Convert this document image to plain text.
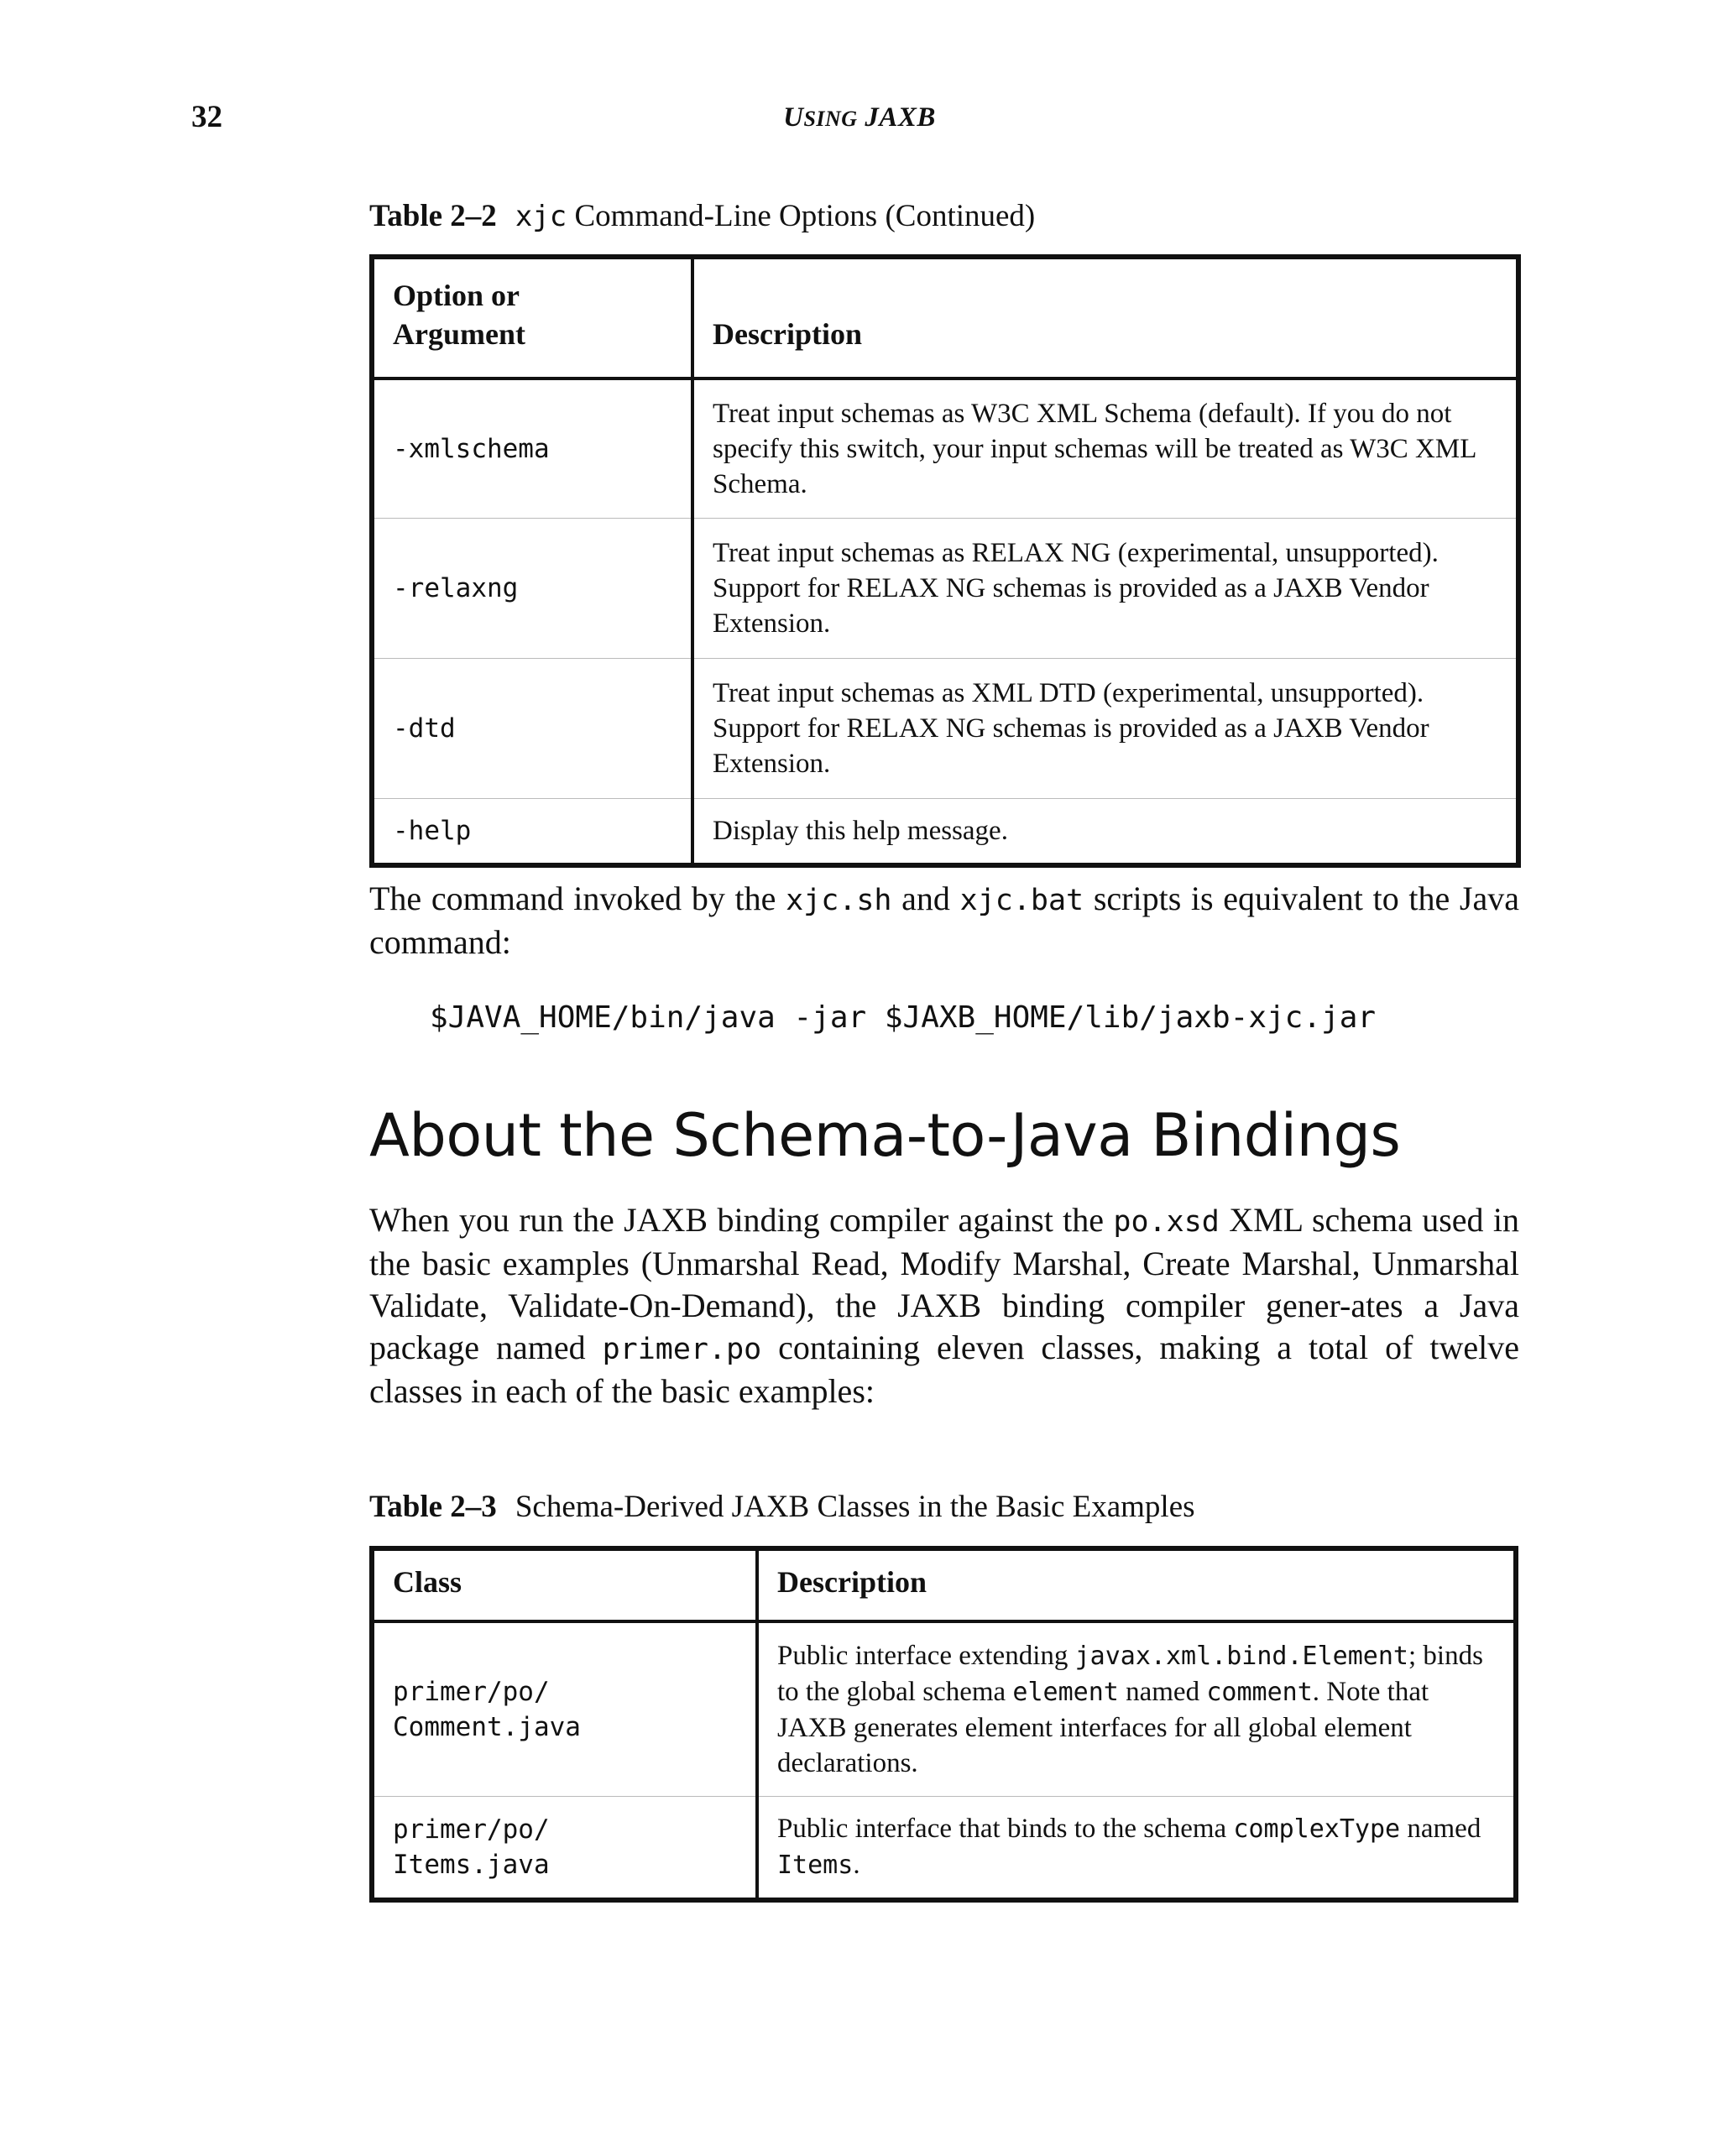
32	USING JAXB
Table 2–2 xjc Command-Line Options (Continued)
Option or
Argument	Description
-xmlschema	Treat input schemas as W3C XML Schema (default). If you do not specify this switch, your input schemas will be treated as W3C XML Schema.
-relaxng	Treat input schemas as RELAX NG (experimental, unsupported). Support for RELAX NG schemas is provided as a JAXB Vendor Extension.
-dtd	Treat input schemas as XML DTD (experimental, unsupported). Support for RELAX NG schemas is provided as a JAXB Vendor Extension.
-help	Display this help message.
The command invoked by the xjc.sh and xjc.bat scripts is equivalent to the Java command:
$JAVA_HOME/bin/java -jar $JAXB_HOME/lib/jaxb-xjc.jar
About the Schema-to-Java Bindings
When you run the JAXB binding compiler against the po.xsd XML schema used in the basic examples (Unmarshal Read, Modify Marshal, Create Marshal, Unmarshal Validate, Validate-On-Demand), the JAXB binding compiler gener-ates a Java package named primer.po containing eleven classes, making a total of twelve classes in each of the basic examples:
Table 2–3 Schema-Derived JAXB Classes in the Basic Examples
Class	Description
primer/po/
Comment.java	Public interface extending javax.xml.bind.Element; binds to the global schema element named comment. Note that JAXB generates element interfaces for all global element declarations.
primer/po/
Items.java	Public interface that binds to the schema complexType named Items.
